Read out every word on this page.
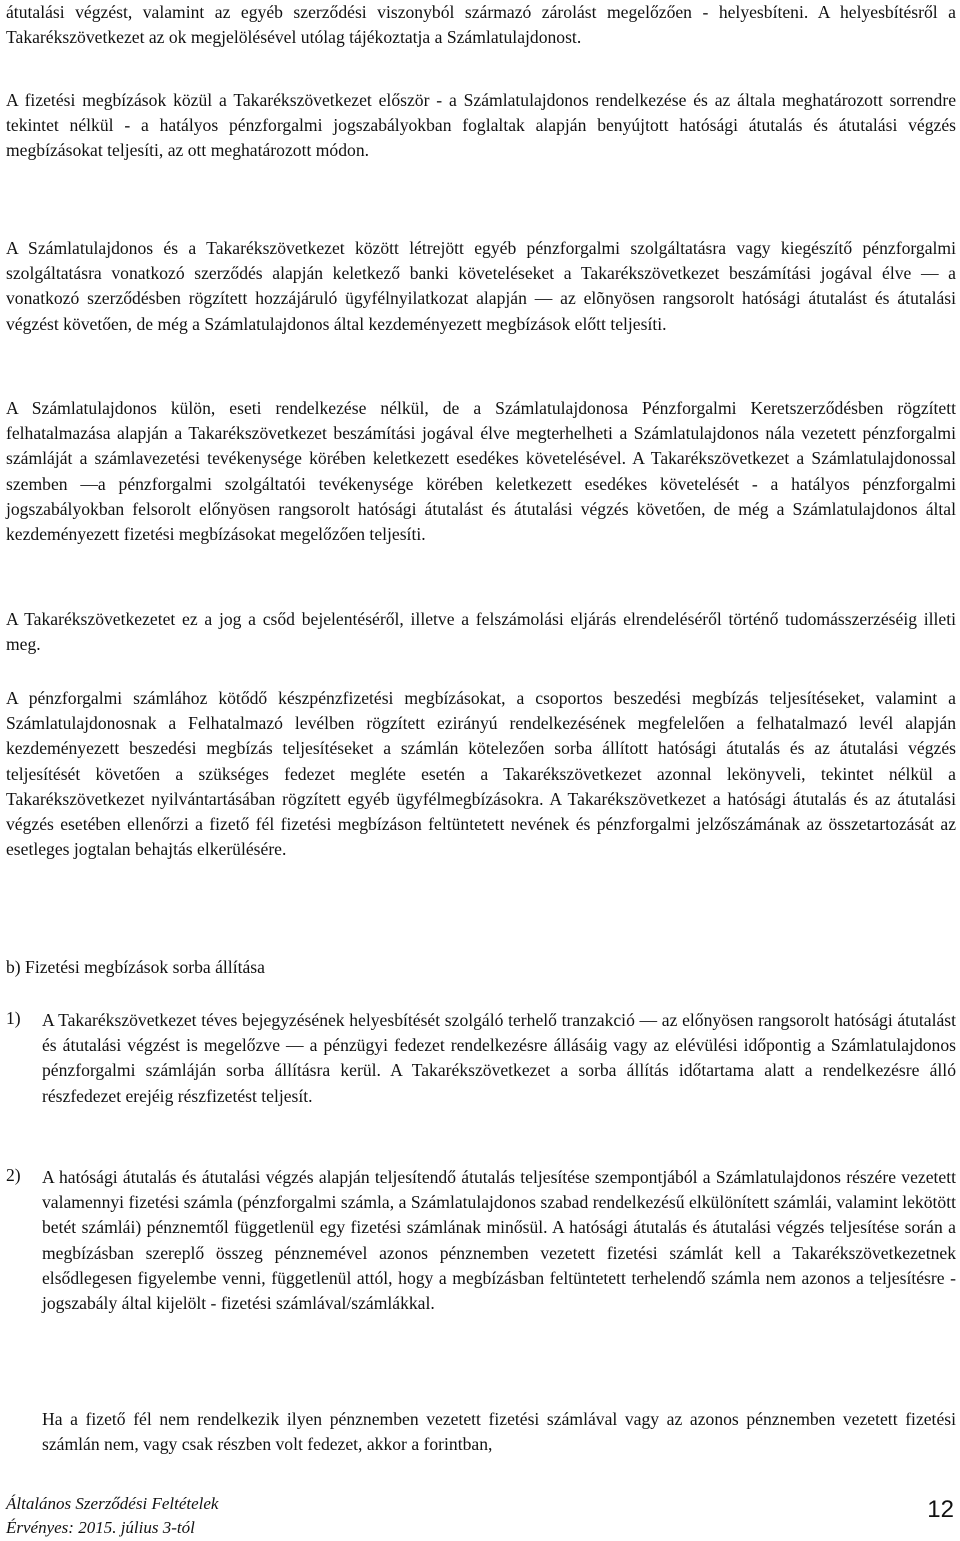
átutalási végzést, valamint az egyéb szerződési viszonyból származó zárolást megelőzően - helyesbíteni. A helyesbítésről a Takarékszövetkezet az ok megjelölésével utólag tájékoztatja a Számlatulajdonost.

A fizetési megbízások közül a Takarékszövetkezet először - a Számlatulajdonos rendelkezése és az általa meghatározott sorrendre tekintet nélkül - a hatályos pénzforgalmi jogszabályokban foglaltak alapján benyújtott hatósági átutalás és átutalási végzés megbízásokat teljesíti, az ott meghatározott módon.

A Számlatulajdonos és a Takarékszövetkezet között létrejött egyéb pénzforgalmi szolgáltatásra vagy kiegészítő pénzforgalmi szolgáltatásra vonatkozó szerződés alapján keletkező banki követeléseket a Takarékszövetkezet beszámítási jogával élve — a vonatkozó szerződésben rögzített hozzájáruló ügyfélnyilatkozat alapján — az elõnyösen rangsorolt hatósági átutalást és átutalási végzést követően, de még a Számlatulajdonos által kezdeményezett megbízások előtt teljesíti.

A Számlatulajdonos külön, eseti rendelkezése nélkül, de a Számlatulajdonosa Pénzforgalmi Keretszerződésben rögzített felhatalmazása alapján a Takarékszövetkezet beszámítási jogával élve megterhelheti a Számlatulajdonos nála vezetett pénzforgalmi számláját a számlavezetési tevékenysége körében keletkezett esedékes követelésével. A Takarékszövetkezet a Számlatulajdonossal szemben —a pénzforgalmi szolgáltatói tevékenysége körében keletkezett esedékes követelését - a hatályos pénzforgalmi jogszabályokban felsorolt előnyösen rangsorolt hatósági átutalást és átutalási végzés követően, de még a Számlatulajdonos által kezdeményezett fizetési megbízásokat megelőzően teljesíti.

A Takarékszövetkezetet ez a jog a csőd bejelentéséről, illetve a felszámolási eljárás elrendeléséről történő tudomásszerzéséig illeti meg.

A pénzforgalmi számlához kötődő készpénzfizetési megbízásokat, a csoportos beszedési megbízás teljesítéseket, valamint a Számlatulajdonosnak a Felhatalmazó levélben rögzített ezirányú rendelkezésének megfelelően a felhatalmazó levél alapján kezdeményezett beszedési megbízás teljesítéseket a számlán kötelezően sorba állított hatósági átutalás és az átutalási végzés teljesítését követően a szükséges fedezet megléte esetén a Takarékszövetkezet azonnal lekönyveli, tekintet nélkül a Takarékszövetkezet nyilvántartásában rögzített egyéb ügyfélmegbízásokra. A Takarékszövetkezet a hatósági átutalás és az átutalási végzés esetében ellenőrzi a fizető fél fizetési megbízáson feltüntetett nevének és pénzforgalmi jelzőszámának az összetartozását az esetleges jogtalan behajtás elkerülésére.

b) Fizetési megbízások sorba állítása

1) A Takarékszövetkezet téves bejegyzésének helyesbítését szolgáló terhelő tranzakció — az előnyösen rangsorolt hatósági átutalást és átutalási végzést is megelőzve — a pénzügyi fedezet rendelkezésre állásáig vagy az elévülési időpontig a Számlatulajdonos pénzforgalmi számláján sorba állításra kerül. A Takarékszövetkezet a sorba állítás időtartama alatt a rendelkezésre álló részfedezet erejéig részfizetést teljesít.

2) A hatósági átutalás és átutalási végzés alapján teljesítendő átutalás teljesítése szempontjából a Számlatulajdonos részére vezetett valamennyi fizetési számla (pénzforgalmi számla, a Számlatulajdonos szabad rendelkezésű elkülönített számlái, valamint lekötött betét számlái) pénznemtől függetlenül egy fizetési számlának minősül. A hatósági átutalás és átutalási végzés teljesítése során a megbízásban szereplő összeg pénznemével azonos pénznemben vezetett fizetési számlát kell a Takarékszövetkezetnek elsődlegesen figyelembe venni, függetlenül attól, hogy a megbízásban feltüntetett terhelendő számla nem azonos a teljesítésre - jogszabály által kijelölt - fizetési számlával/számlákkal.

Ha a fizető fél nem rendelkezik ilyen pénznemben vezetett fizetési számlával vagy az azonos pénznemben vezetett fizetési számlán nem, vagy csak részben volt fedezet, akkor a forintban,

Általános Szerződési Feltételek
Érvényes: 2015. július 3-tól
12
